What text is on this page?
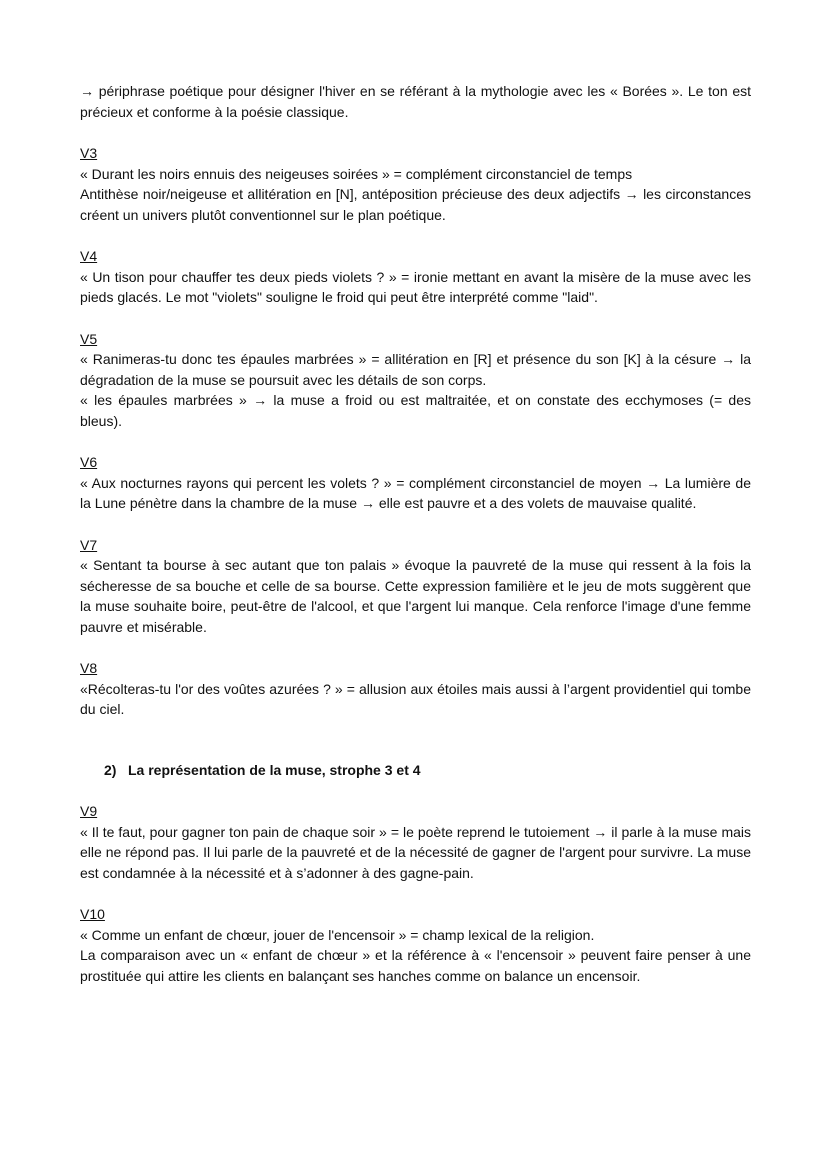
→ périphrase poétique pour désigner l'hiver en se référant à la mythologie avec les « Borées ». Le ton est précieux et conforme à la poésie classique.

V3

« Durant les noirs ennuis des neigeuses soirées » = complément circonstanciel de temps

Antithèse noir/neigeuse et allitération en [N], antéposition précieuse des deux adjectifs → les circonstances créent un univers plutôt conventionnel sur le plan poétique.

V4

« Un tison pour chauffer tes deux pieds violets ? » = ironie mettant en avant la misère de la muse avec les pieds glacés. Le mot "violets" souligne le froid qui peut être interprété comme "laid".

V5

« Ranimeras-tu donc tes épaules marbrées » = allitération en [R] et présence du son [K] à la césure → la dégradation de la muse se poursuit avec les détails de son corps.

« les épaules marbrées » → la muse a froid ou est maltraitée, et on constate des ecchymoses (= des bleus).

V6

« Aux nocturnes rayons qui percent les volets ? » = complément circonstanciel de moyen → La lumière de la Lune pénètre dans la chambre de la muse → elle est pauvre et a des volets de mauvaise qualité.

V7

« Sentant ta bourse à sec autant que ton palais » évoque la pauvreté de la muse qui ressent à la fois la sécheresse de sa bouche et celle de sa bourse. Cette expression familière et le jeu de mots suggèrent que la muse souhaite boire, peut-être de l'alcool, et que l'argent lui manque. Cela renforce l'image d'une femme pauvre et misérable.

V8

«Récolteras-tu l'or des voûtes azurées ? » = allusion aux étoiles mais aussi à l’argent providentiel qui tombe du ciel.

2) La représentation de la muse, strophe 3 et 4
V9

« Il te faut, pour gagner ton pain de chaque soir » = le poète reprend le tutoiement → il parle à la muse mais elle ne répond pas. Il lui parle de la pauvreté et de la nécessité de gagner de l'argent pour survivre. La muse est condamnée à la nécessité et à s’adonner à des gagne-pain.

V10

« Comme un enfant de chœur, jouer de l'encensoir » = champ lexical de la religion.

La comparaison avec un « enfant de chœur » et la référence à « l'encensoir » peuvent faire penser à une prostituée qui attire les clients en balançant ses hanches comme on balance un encensoir.
